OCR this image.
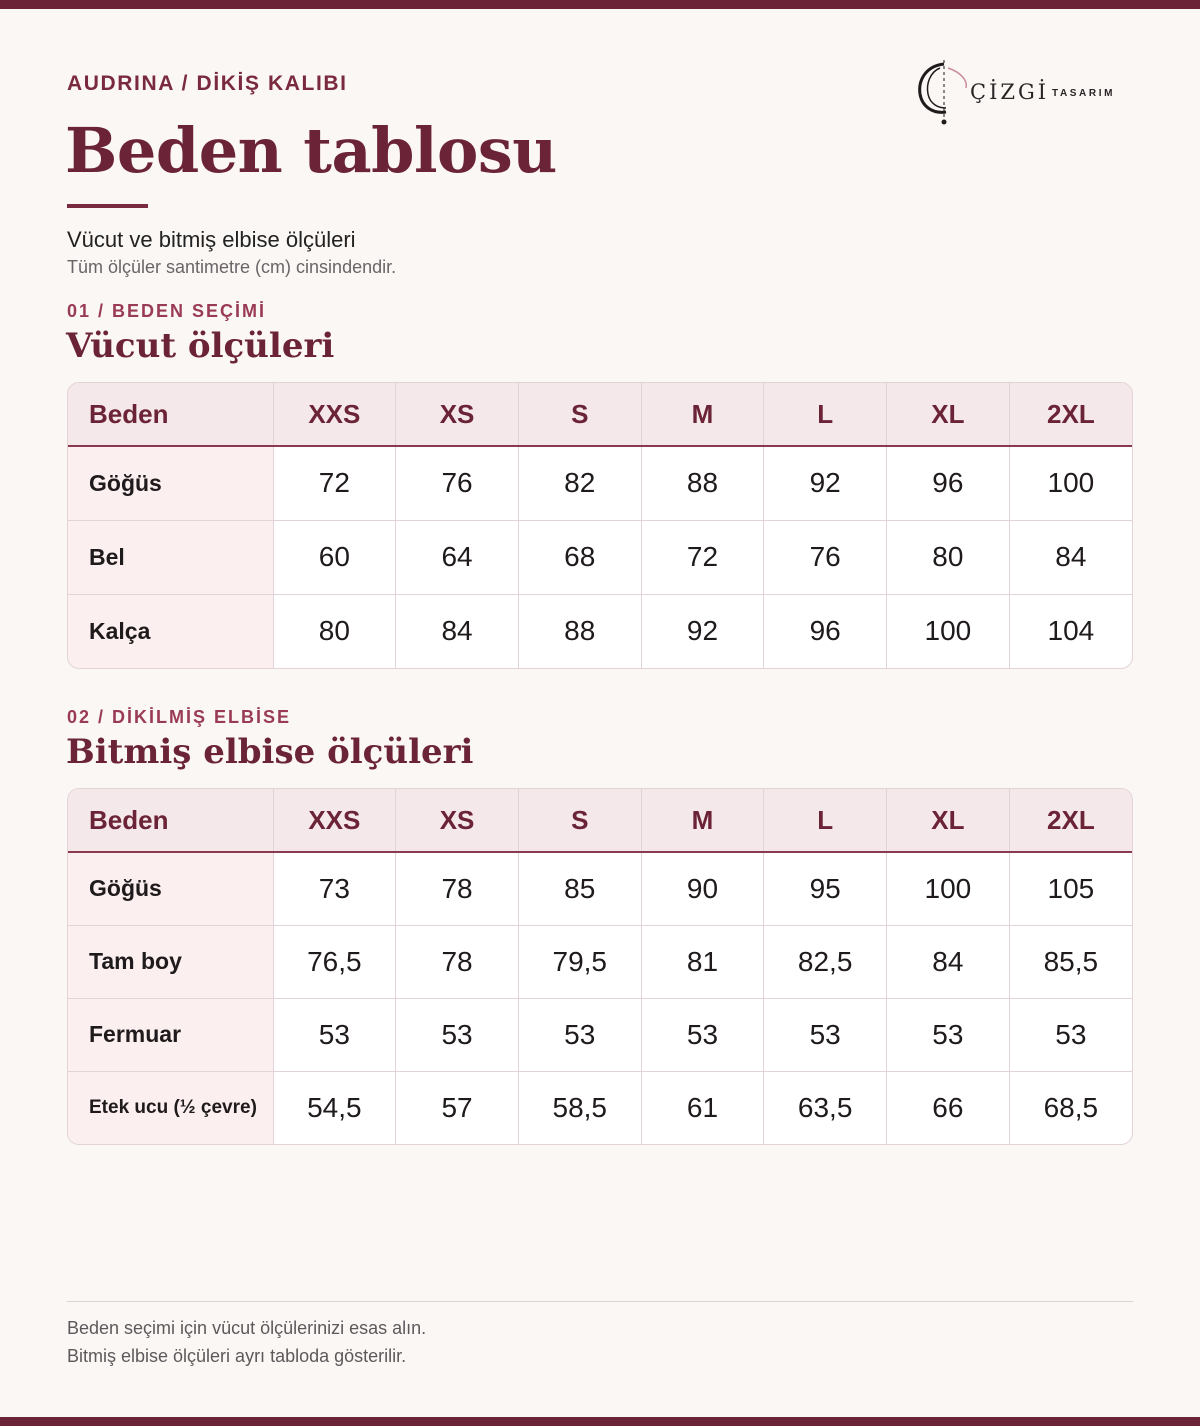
AUDRINA / DİKİŞ KALIBI
Beden tablosu
Vücut ve bitmiş elbise ölçüleri
Tüm ölçüler santimetre (cm) cinsindendir.
ÇİZGİ TASARIM
01 / BEDEN SEÇİMİ
Vücut ölçüleri
Beden	XXS	XS	S	M	L	XL	2XL
Göğüs	72	76	82	88	92	96	100
Bel	60	64	68	72	76	80	84
Kalça	80	84	88	92	96	100	104
02 / DİKİLMİŞ ELBİSE
Bitmiş elbise ölçüleri
Beden	XXS	XS	S	M	L	XL	2XL
Göğüs	73	78	85	90	95	100	105
Tam boy	76,5	78	79,5	81	82,5	84	85,5
Fermuar	53	53	53	53	53	53	53
Etek ucu (½ çevre)	54,5	57	58,5	61	63,5	66	68,5
Beden seçimi için vücut ölçülerinizi esas alın.
Bitmiş elbise ölçüleri ayrı tabloda gösterilir.
